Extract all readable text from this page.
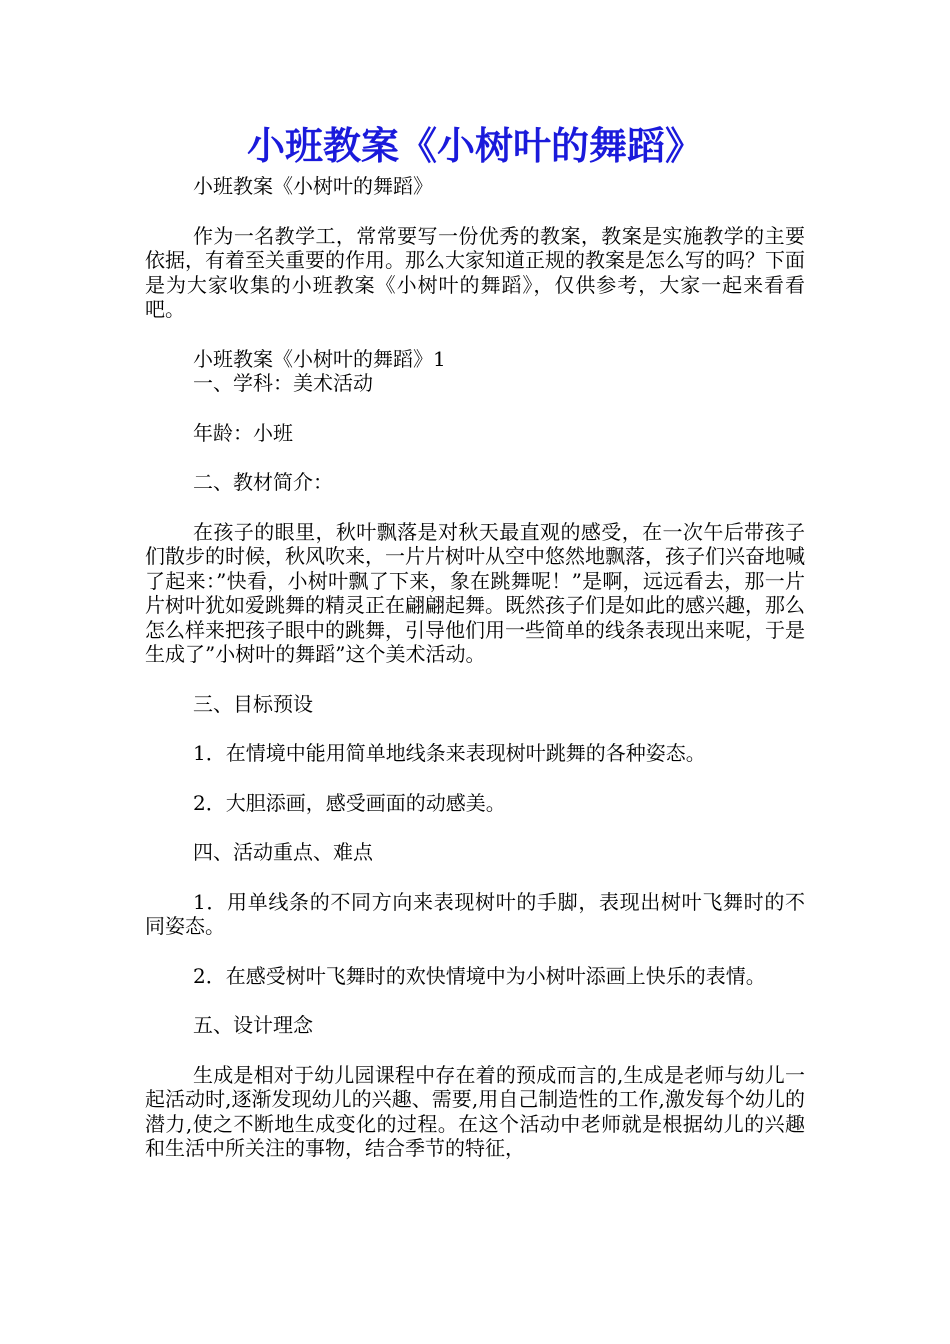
小班教案《小树叶的舞蹈》

小班教案《小树叶的舞蹈》

作为一名教学工，常常要写一份优秀的教案，教案是实施教学的主要依据，有着至关重要的作用。那么大家知道正规的教案是怎么写的吗？下面是为大家收集的小班教案《小树叶的舞蹈》，仅供参考，大家一起来看看吧。

小班教案《小树叶的舞蹈》1

一、学科：美术活动

年龄：小班

二、教材简介：

在孩子的眼里，秋叶飘落是对秋天最直观的感受，在一次午后带孩子们散步的时候，秋风吹来，一片片树叶从空中悠然地飘落，孩子们兴奋地喊了起来：”快看，小树叶飘了下来，象在跳舞呢！”是啊，远远看去，那一片片树叶犹如爱跳舞的精灵正在翩翩起舞。既然孩子们是如此的感兴趣，那么怎么样来把孩子眼中的跳舞，引导他们用一些简单的线条表现出来呢，于是生成了”小树叶的舞蹈”这个美术活动。

三、目标预设

1．在情境中能用简单地线条来表现树叶跳舞的各种姿态。

2．大胆添画，感受画面的动感美。

四、活动重点、难点

1．用单线条的不同方向来表现树叶的手脚，表现出树叶飞舞时的不同姿态。

2．在感受树叶飞舞时的欢快情境中为小树叶添画上快乐的表情。

五、设计理念

生成是相对于幼儿园课程中存在着的预成而言的,生成是老师与幼儿一起活动时,逐渐发现幼儿的兴趣、需要,用自己制造性的工作,激发每个幼儿的潜力,使之不断地生成变化的过程。在这个活动中老师就是根据幼儿的兴趣和生活中所关注的事物，结合季节的特征，
